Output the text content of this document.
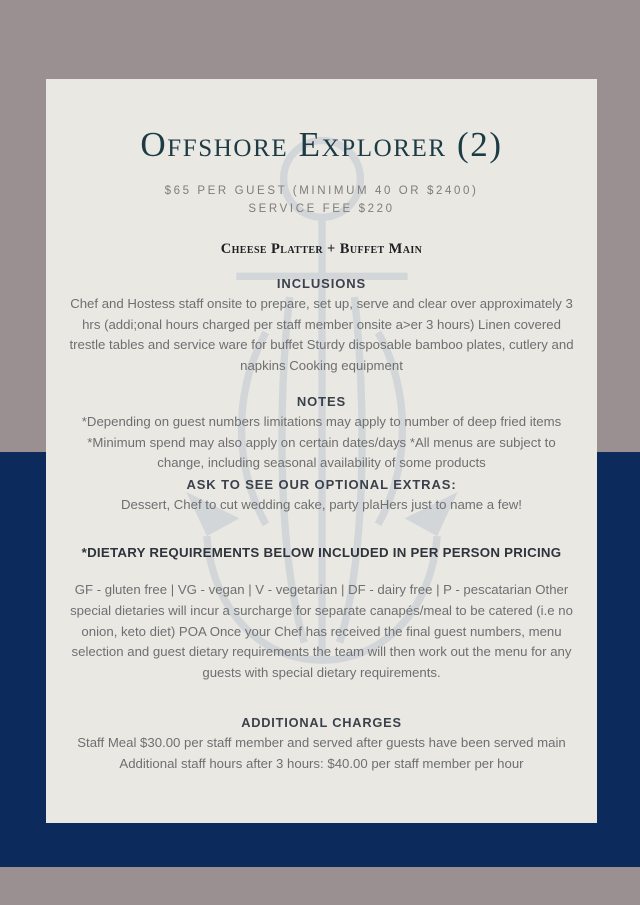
Offshore Explorer (2)

$65 PER GUEST (MINIMUM 40 OR $2400)
SERVICE FEE $220

Cheese Platter + Buffet Main

INCLUSIONS

Chef and Hostess staff onsite to prepare, set up, serve and clear over approximately 3 hrs (addi;onal hours charged per staff member onsite a>er 3 hours) Linen covered trestle tables and service ware for buffet Sturdy disposable bamboo plates, cutlery and napkins Cooking equipment

NOTES

*Depending on guest numbers limitations may apply to number of deep fried items *Minimum spend may also apply on certain dates/days *All menus are subject to change, including seasonal availability of some products

ASK TO SEE OUR OPTIONAL EXTRAS:

Dessert, Chef to cut wedding cake, party plaHers just to name a few!

*DIETARY REQUIREMENTS BELOW INCLUDED IN PER PERSON PRICING

GF - gluten free | VG - vegan | V - vegetarian | DF - dairy free | P - pescatarian Other special dietaries will incur a surcharge for separate canapés/meal to be catered (i.e no onion, keto diet) POA Once your Chef has received the final guest numbers, menu selection and guest dietary requirements the team will then work out the menu for any guests with special dietary requirements.

ADDITIONAL CHARGES

Staff Meal $30.00 per staff member and served after guests have been served main Additional staff hours after 3 hours: $40.00 per staff member per hour
